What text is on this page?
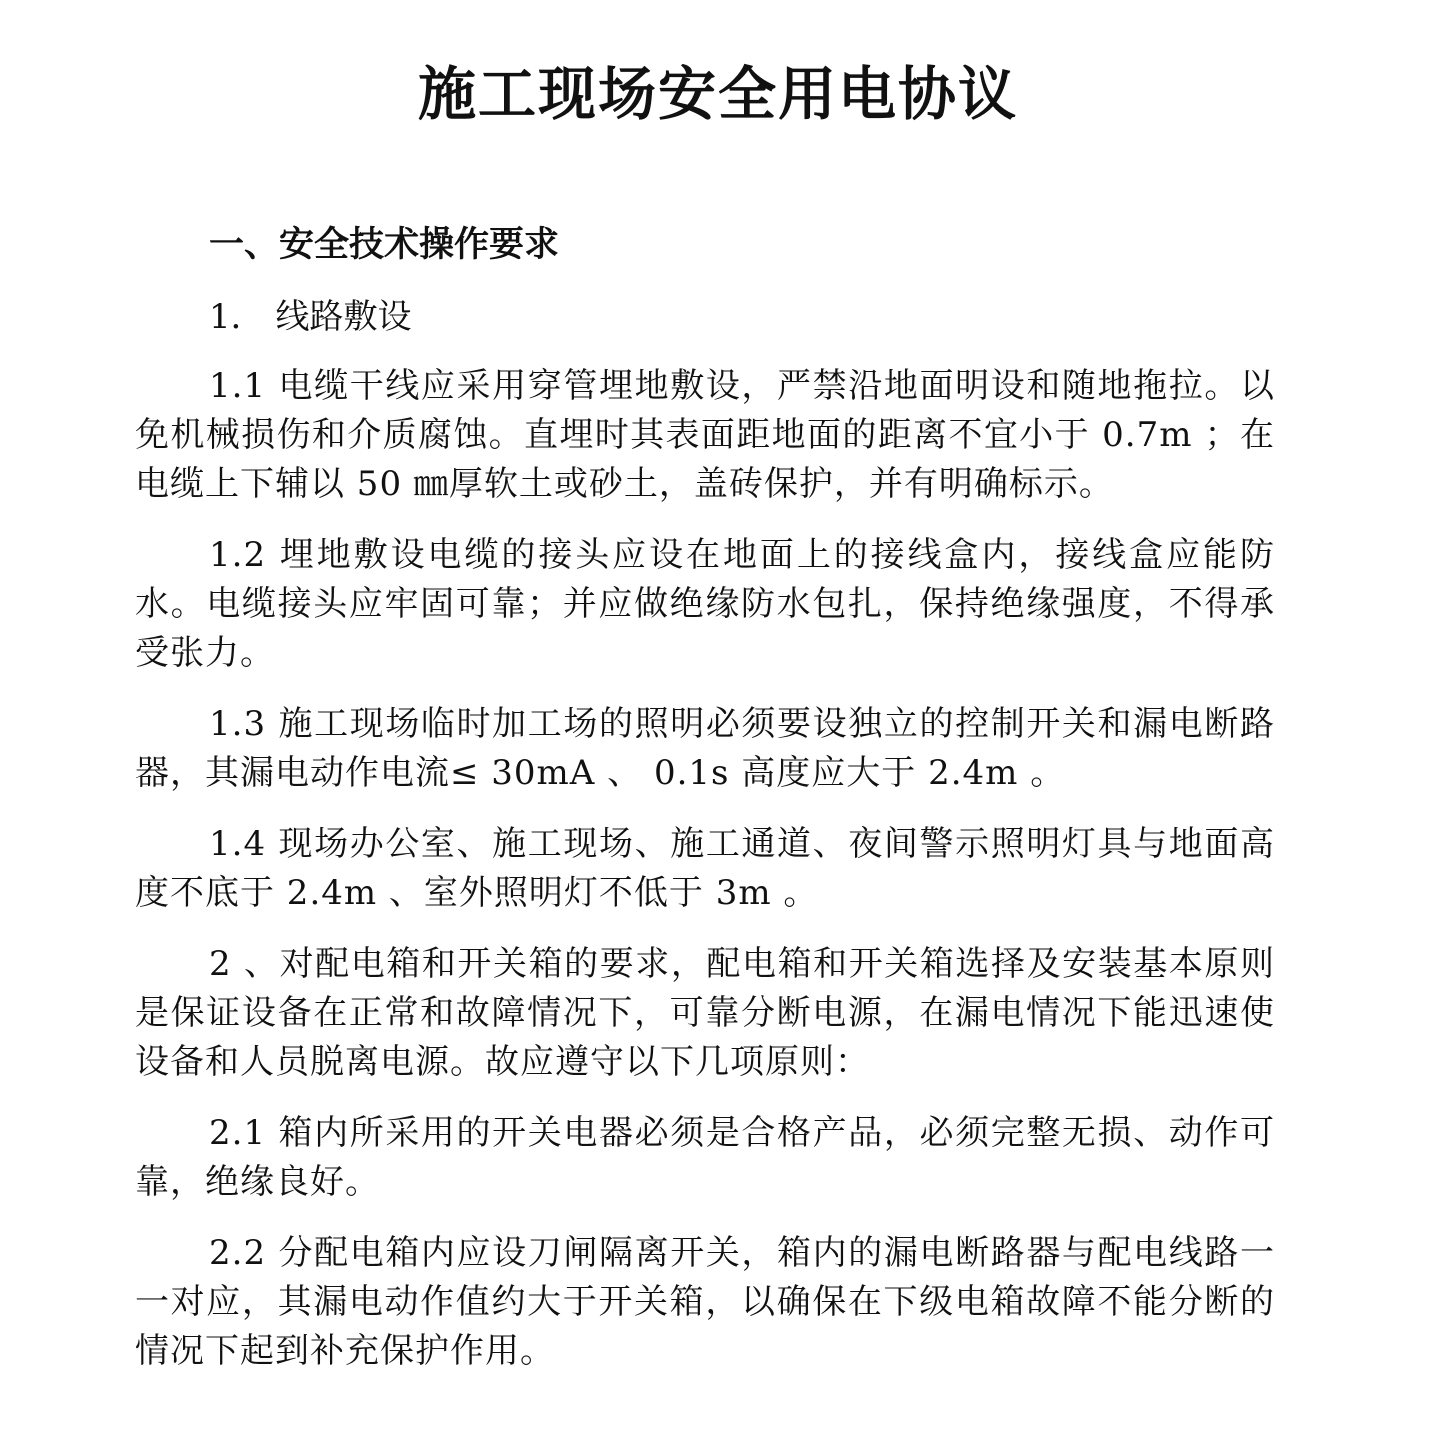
施工现场安全用电协议

一、安全技术操作要求

1． 线路敷设

1.1 电缆干线应采用穿管埋地敷设，严禁沿地面明设和随地拖拉。以免机械损伤和介质腐蚀。直埋时其表面距地面的距离不宜小于 0.7m ；在电缆上下辅以 50 ㎜厚软土或砂土，盖砖保护，并有明确标示。

1.2 埋地敷设电缆的接头应设在地面上的接线盒内，接线盒应能防水。电缆接头应牢固可靠；并应做绝缘防水包扎，保持绝缘强度，不得承受张力。

1.3 施工现场临时加工场的照明必须要设独立的控制开关和漏电断路器，其漏电动作电流≤ 30mA 、 0.1s 高度应大于 2.4m 。

1.4 现场办公室、施工现场、施工通道、夜间警示照明灯具与地面高度不底于 2.4m 、室外照明灯不低于 3m 。

2 、对配电箱和开关箱的要求，配电箱和开关箱选择及安装基本原则是保证设备在正常和故障情况下，可靠分断电源，在漏电情况下能迅速使设备和人员脱离电源。故应遵守以下几项原则：

2.1 箱内所采用的开关电器必须是合格产品，必须完整无损、动作可靠，绝缘良好。

2.2 分配电箱内应设刀闸隔离开关，箱内的漏电断路器与配电线路一一对应，其漏电动作值约大于开关箱，以确保在下级电箱故障不能分断的情况下起到补充保护作用。
